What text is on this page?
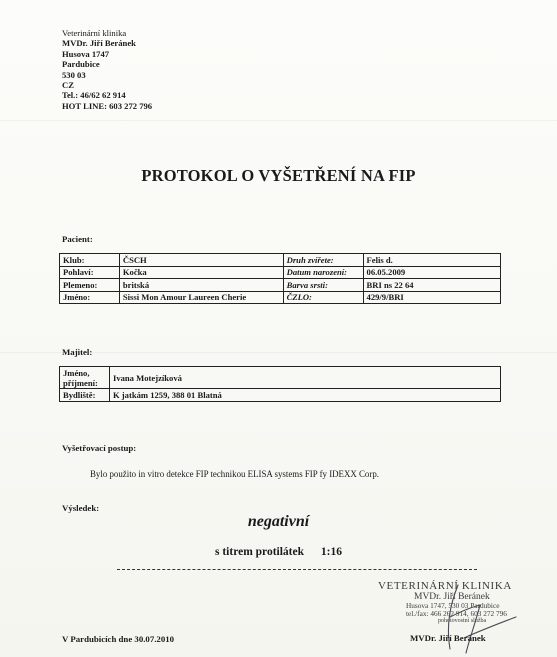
Veterinární klinika
MVDr. Jiří Beránek
Husova 1747
Pardubice
530 03
CZ
Tel.: 46/62 62 914
HOT LINE: 603 272 796
PROTOKOL O VYŠETŘENÍ NA FIP
Pacient:
Klub:	ČSCH	Druh zvířete:	Felis d.
Pohlaví:	Kočka	Datum narození:	06.05.2009
Plemeno:	britská	Barva srsti:	BRI ns 22 64
Jméno:	Sissi Mon Amour Laureen Cherie	ČZLO:	429/9/BRI
Majitel:
Jméno,
příjmení:	Ivana Motejzíková
Bydliště:	K jatkám 1259, 388 01 Blatná
Vyšetřovací postup:
Bylo použito in vitro detekce FIP technikou ELISA systems FIP fy IDEXX Corp.
Výsledek:
negativní
s titrem protilátek 1:16
VETERINÁRNÍ KLINIKA
MVDr. Jiří Beránek
Husova 1747, 530 03 Pardubice
tel./fax: 466 262 914, 603 272 796
pohotovostní služba
V Pardubicích dne 30.07.2010	MVDr. Jiří Beránek
